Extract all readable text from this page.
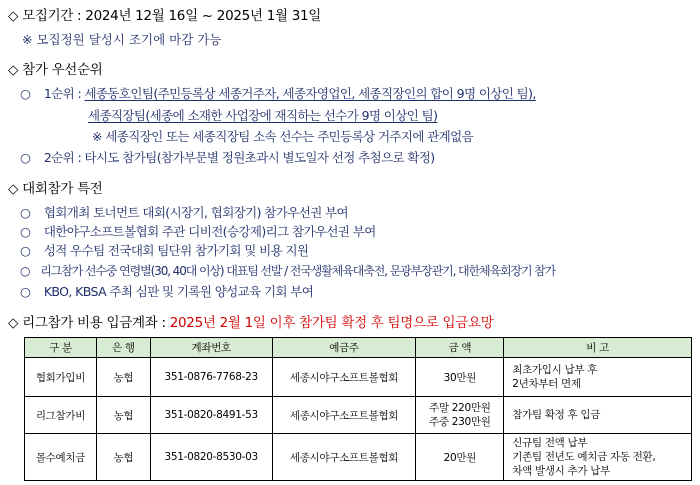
◇ 모집기간 : 2024년 12월 16일 ~ 2025년 1월 31일
※ 모집정원 달성시 조기에 마감 가능
◇ 참가 우선순위
○ 1순위 : 세종동호인팀(주민등록상 세종거주자, 세종자영업인, 세종직장인의 합이 9명 이상인 팀),
세종직장팀(세종에 소재한 사업장에 재직하는 선수가 9명 이상인 팀)
※ 세종직장인 또는 세종직장팀 소속 선수는 주민등록상 거주지에 관계없음
○ 2순위 : 타시도 참가팀(참가부문별 정원초과시 별도일자 선정 추첨으로 확정)
◇ 대회참가 특전
○ 협회개최 토너먼트 대회(시장기, 협회장기) 참가우선권 부여
○ 대한야구소프트볼협회 주관 디비전(승강제)리그 참가우선권 부여
○ 성적 우수팀 전국대회 팀단위 참가기회 및 비용 지원
○ 리그참가 선수중 연령별(30, 40대 이상) 대표팀 선발 / 전국생활체육대축전, 문광부장관기, 대한체육회장기 참가
○ KBO, KBSA 주최 심판 및 기록원 양성교육 기회 부여
◇ 리그참가 비용 입금계좌 : 2025년 2월 1일 이후 참가팀 확정 후 팀명으로 입금요망
구 분	은 행	계좌번호	예금주	금 액	비 고
협회가입비	농협	351-0876-7768-23	세종시야구소프트볼협회	30만원	최초가입시 납부 후
2년차부터 면제

리그참가비	농협	351-0820-8491-53	세종시야구소프트볼협회	주말 220만원
주중 230만원	참가팀 확정 후 입금

몰수예치금	농협	351-0820-8530-03	세종시야구소프트볼협회	20만원	신규팀 전액 납부
기존팀 전년도 예치금 자동 전환,
차액 발생시 추가 납부
